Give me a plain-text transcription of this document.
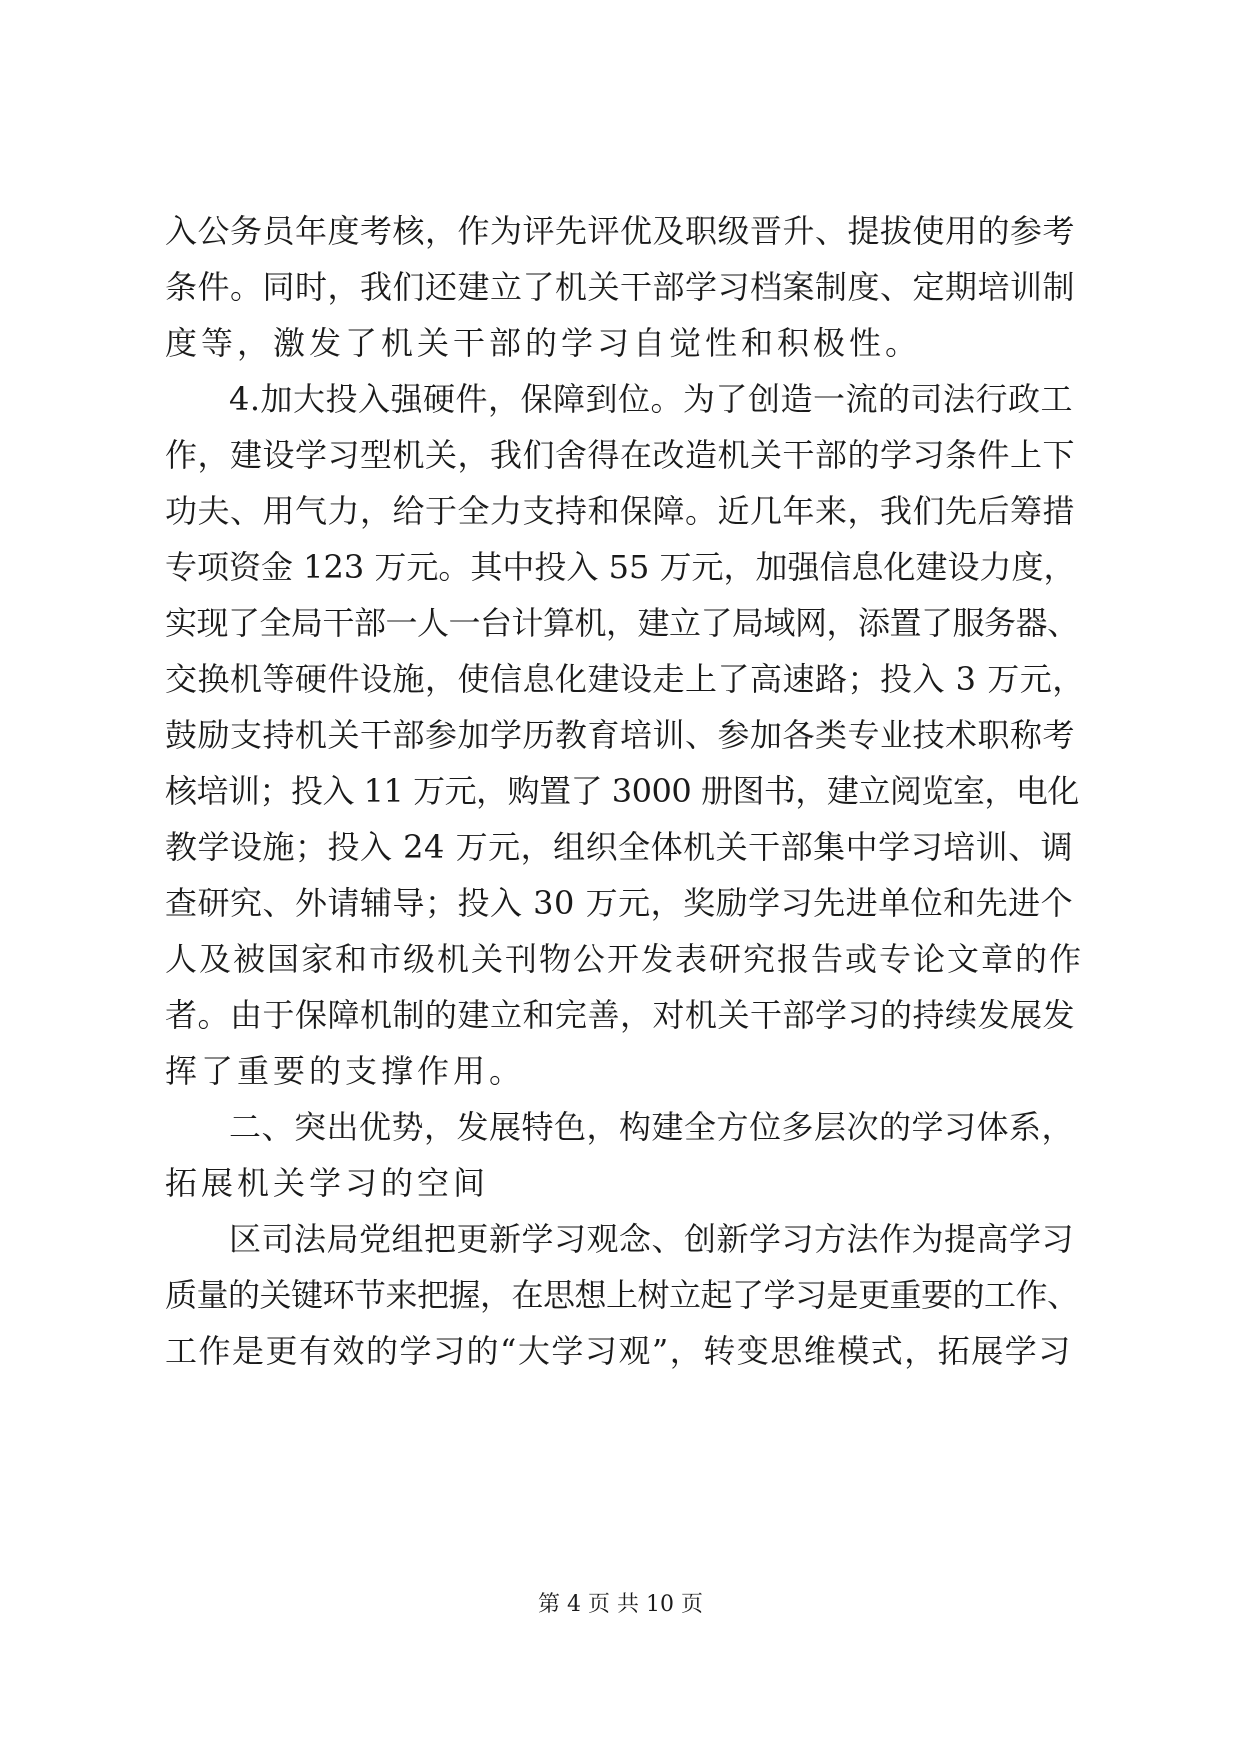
入公务员年度考核，作为评先评优及职级晋升、提拔使用的参考
条件。同时，我们还建立了机关干部学习档案制度、定期培训制
度等，激发了机关干部的学习自觉性和积极性。
4.加大投入强硬件，保障到位。为了创造一流的司法行政工
作，建设学习型机关，我们舍得在改造机关干部的学习条件上下
功夫、用气力，给于全力支持和保障。近几年来，我们先后筹措
专项资金 123 万元。其中投入 55 万元，加强信息化建设力度，
实现了全局干部一人一台计算机，建立了局域网，添置了服务器、
交换机等硬件设施，使信息化建设走上了高速路；投入 3 万元，
鼓励支持机关干部参加学历教育培训、参加各类专业技术职称考
核培训；投入 11 万元，购置了 3000 册图书，建立阅览室，电化
教学设施；投入 24 万元，组织全体机关干部集中学习培训、调
查研究、外请辅导；投入 30 万元，奖励学习先进单位和先进个
人及被国家和市级机关刊物公开发表研究报告或专论文章的作
者。由于保障机制的建立和完善，对机关干部学习的持续发展发
挥了重要的支撑作用。
二、突出优势，发展特色，构建全方位多层次的学习体系，
拓展机关学习的空间
区司法局党组把更新学习观念、创新学习方法作为提高学习
质量的关键环节来把握，在思想上树立起了学习是更重要的工作、
工作是更有效的学习的“大学习观”，转变思维模式，拓展学习
第 4 页 共 10 页
